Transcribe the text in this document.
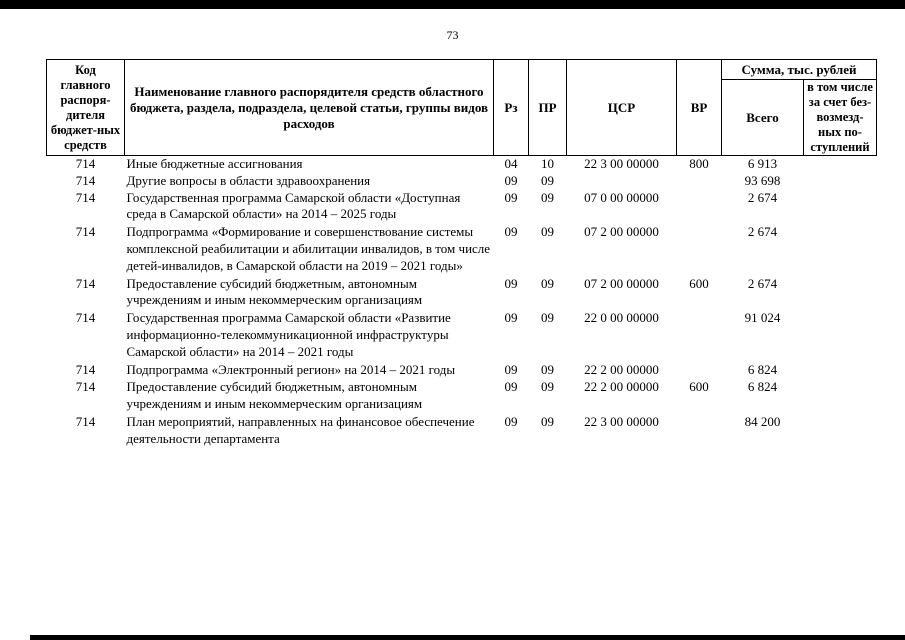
73
Код главного распоря-дителя бюджет-ных средств	Наименование главного распорядителя средств областного бюджета, раздела, подраздела, целевой статьи, группы видов расходов	Рз	ПР	ЦСР	ВР	Сумма, тыс. рублей	
						Всего	в том числе за счет без-возмезд-ных по-ступлений
714	Иные бюджетные ассигнования	04	10	22 3 00 00000	800	6 913	
714	Другие вопросы в области здравоохранения	09	09			93 698	
714	Государственная программа Самарской области «Доступная среда в Самарской области» на 2014 – 2025 годы	09	09	07 0 00 00000		2 674	
714	Подпрограмма «Формирование и совершенствование системы комплексной реабилитации и абилитации инвалидов, в том числе детей-инвалидов, в Самарской области на 2019 – 2021 годы»	09	09	07 2 00 00000		2 674	
714	Предоставление субсидий бюджетным, автономным учреждениям и иным некоммерческим организациям	09	09	07 2 00 00000	600	2 674	
714	Государственная программа Самарской области «Развитие информационно-телекоммуникационной инфраструктуры Самарской области» на 2014 – 2021 годы	09	09	22 0 00 00000		91 024	
714	Подпрограмма «Электронный регион» на 2014 – 2021 годы	09	09	22 2 00 00000		6 824	
714	Предоставление субсидий бюджетным, автономным учреждениям и иным некоммерческим организациям	09	09	22 2 00 00000	600	6 824	
714	План мероприятий, направленных на финансовое обеспечение деятельности департамента	09	09	22 3 00 00000		84 200	
